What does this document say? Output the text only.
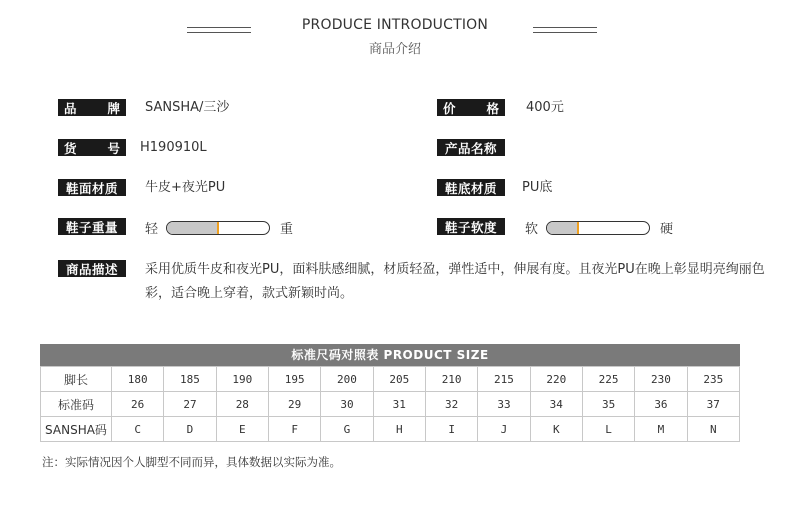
PRODUCE INTRODUCTION
商品介绍
品 牌 SANSHA/三沙	价 格 400元
货 号 H190910L	产品名称
鞋面材质	牛皮+夜光PU	鞋底材质	PU底
鞋子重量	轻	重	鞋子软度	软	硬
商品描述	采用优质牛皮和夜光PU，面料肤感细腻，材质轻盈，弹性适中，伸展有度。且夜光PU在晚上彰显明亮绚丽色彩，适合晚上穿着，款式新颖时尚。
标准尺码对照表 PRODUCT SIZE
脚长	180	185	190	195	200	205	210	215	220	225	230	235
标准码	26	27	28	29	30	31	32	33	34	35	36	37
SANSHA码	C	D	E	F	G	H	I	J	K	L	M	N
注：实际情况因个人脚型不同而异，具体数据以实际为准。
